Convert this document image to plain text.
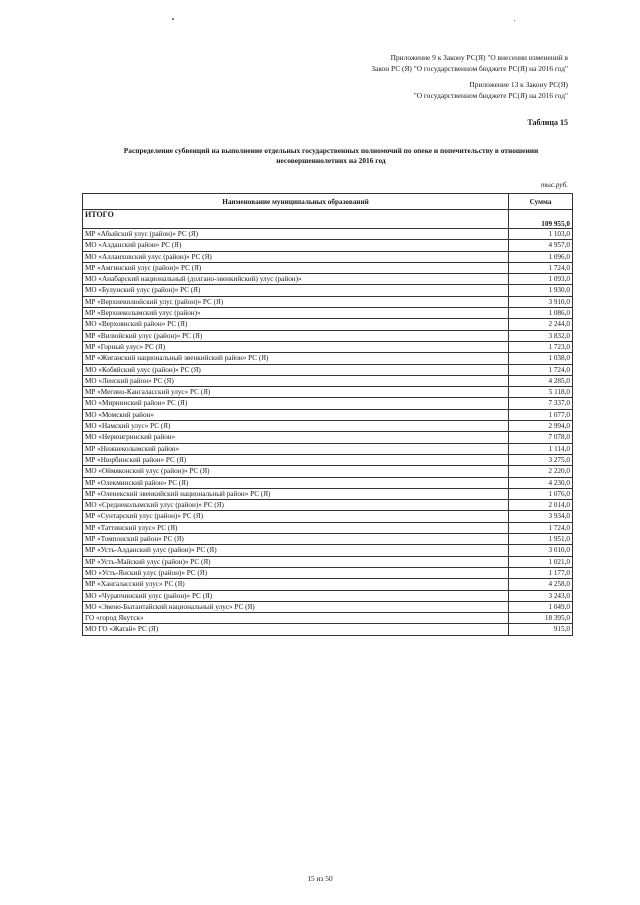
Приложение 9 к Закону РС(Я) "О внесении изменений в
Закон РС (Я) "О государственном бюджете РС(Я) на 2016 год"
Приложение 13 к Закону РС(Я)
"О государственном бюджете РС(Я) на 2016 год"
Таблица 15
Распределение субвенций на выполнение отдельных государственных полномочий по опеке и попечительству в отношении
несовершеннолетних на 2016 год
тыс.руб.
Наименование муниципальных образований	Сумма
ИТОГО	109 955,0
МР «Абыйский улус (район)» РС (Я)	1 103,0
МО «Алданский район» РС (Я)	4 957,0
МО «Аллаиховский улус (район)» РС (Я)	1 096,0
МР «Амгинский улус (район)» РС (Я)	1 724,0
МО «Анабарский национальный (долгано-эвенкийский) улус (район)»	1 093,0
МО «Булунский улус (район)» РС (Я)	1 930,0
МР «Верхневилюйский улус (район)» РС (Я)	3 910,0
МР «Верхнеколымский улус (район)»	1 086,0
МО «Верхоянский район» РС (Я)	2 244,0
МР «Вилюйский улус (район)» РС (Я)	3 832,0
МР «Горный улус» РС (Я)	1 723,0
МР «Жиганский национальный эвенкийский район» РС (Я)	1 038,0
МО «Кобяйский улус (район)» РС (Я)	1 724,0
МО «Ленский район» РС (Я)	4 285,0
МР «Мегино-Кангаласский улус» РС (Я)	5 118,0
МО «Мирнинский район» РС (Я)	7 337,0
МО «Момский район»	1 077,0
МО «Намский улус» РС (Я)	2 994,0
МО «Нерюнгринский район»	7 078,0
МР «Нижнеколымский район»	1 114,0
МР «Нюрбинский район» РС (Я)	3 275,0
МО «Оймяконский улус (район)» РС (Я)	2 220,0
МР «Олекминский район» РС (Я)	4 230,0
МР «Оленекский эвенкийский национальный район» РС (Я)	1 076,0
МО «Среднеколымский улус (район)» РС (Я)	2 014,0
МР «Сунтарский улус (район)» РС (Я)	3 934,0
МР «Таттинский улус» РС (Я)	1 724,0
МР «Томпонский район» РС (Я)	1 951,0
МР «Усть-Алданский улус (район)» РС (Я)	3 010,0
МР «Усть-Майский улус (район)» РС (Я)	1 021,0
МО «Усть-Янский улус (район)» РС (Я)	1 177,0
МР «Хангаласский улус» РС (Я)	4 258,0
МО «Чурапчинский улус (район)» РС (Я)	3 243,0
МО «Эвено-Бытантайский национальный улус» РС (Я)	1 049,0
ГО «город Якутск»	18 395,0
МО ГО «Жатай» РС (Я)	915,0
15 из 50
